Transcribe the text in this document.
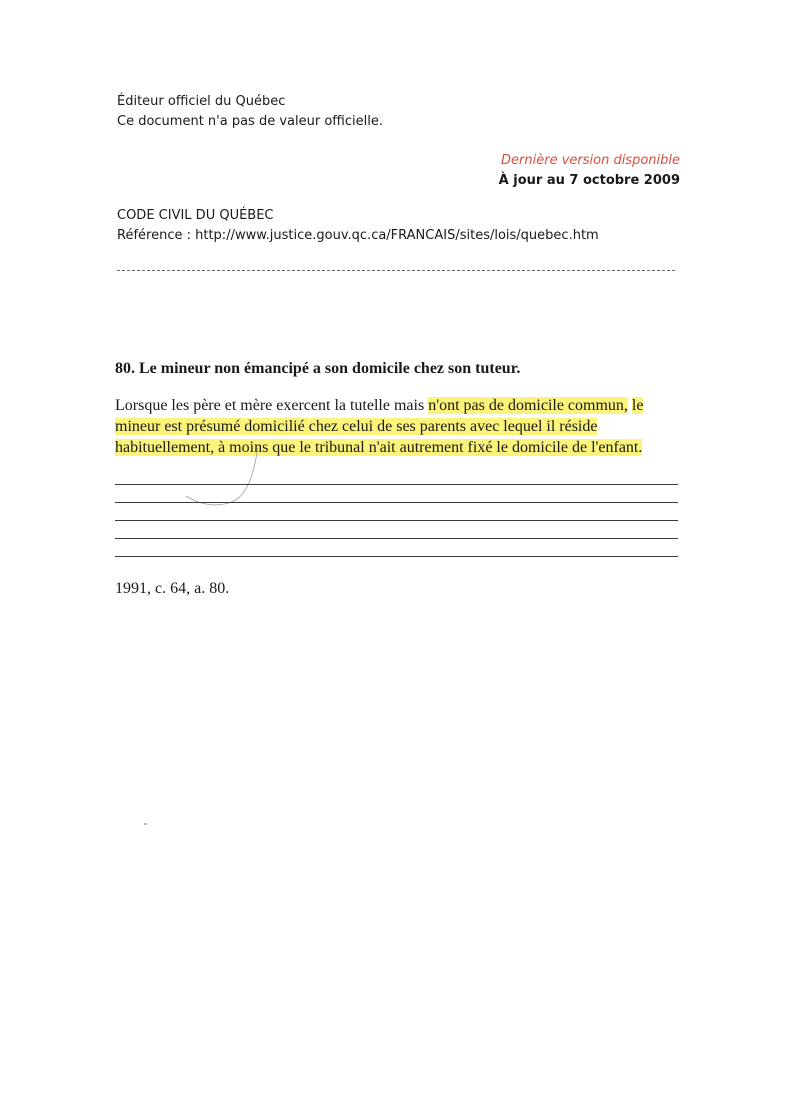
Éditeur officiel du Québec
Ce document n'a pas de valeur officielle.
Dernière version disponible
À jour au 7 octobre 2009
CODE CIVIL DU QUÉBEC
Référence : http://www.justice.gouv.qc.ca/FRANCAIS/sites/lois/quebec.htm
80. Le mineur non émancipé a son domicile chez son tuteur.
Lorsque les père et mère exercent la tutelle mais n'ont pas de domicile commun, le mineur est présumé domicilié chez celui de ses parents avec lequel il réside habituellement, à moins que le tribunal n'ait autrement fixé le domicile de l'enfant.
1991, c. 64, a. 80.
